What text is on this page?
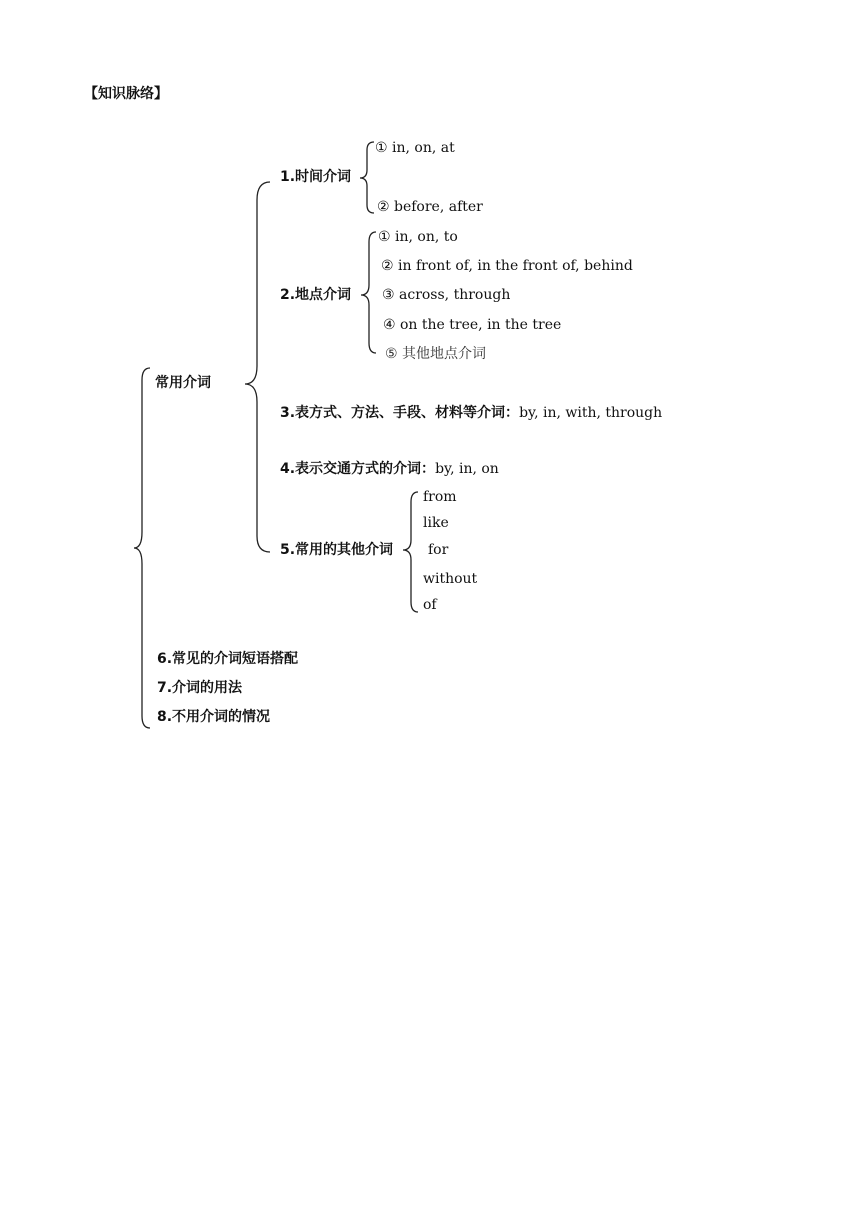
【知识脉络】
常用介词
1.时间介词
① in, on, at
② before, after
2.地点介词
① in, on, to
② in front of, in the front of, behind
③ across, through
④ on the tree, in the tree
⑤ 其他地点介词
3.表方式、方法、手段、材料等介词：by, in, with, through
4.表示交通方式的介词：by, in, on
5.常用的其他介词
from
like
for
without
of
6.常见的介词短语搭配
7.介词的用法
8.不用介词的情况
